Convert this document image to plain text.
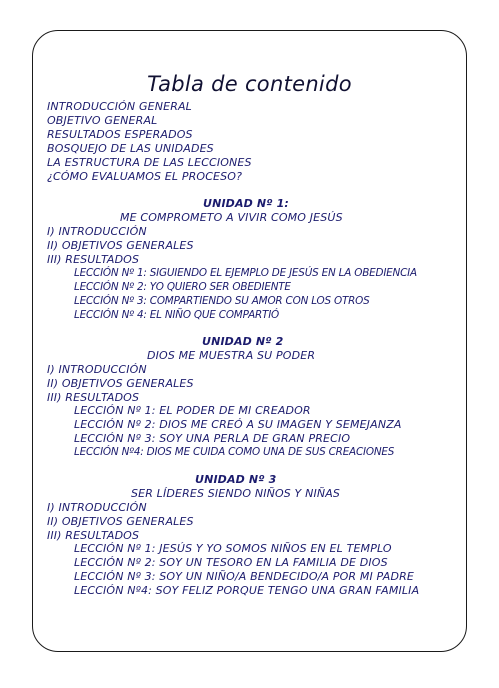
Tabla de contenido
INTRODUCCIÓN GENERAL
OBJETIVO GENERAL
RESULTADOS ESPERADOS
BOSQUEJO DE LAS UNIDADES
LA ESTRUCTURA DE LAS LECCIONES
¿CÓMO EVALUAMOS EL PROCESO?
UNIDAD Nº 1:
ME COMPROMETO A VIVIR COMO JESÚS
I) INTRODUCCIÓN
II) OBJETIVOS GENERALES
III) RESULTADOS
LECCIÓN Nº 1: SIGUIENDO EL EJEMPLO DE JESÚS EN LA OBEDIENCIA
LECCIÓN Nº 2: YO QUIERO SER OBEDIENTE
LECCIÓN Nº 3: COMPARTIENDO SU AMOR CON LOS OTROS
LECCIÓN Nº 4: EL NIÑO QUE COMPARTIÓ
UNIDAD Nº 2
DIOS ME MUESTRA SU PODER
I) INTRODUCCIÓN
II) OBJETIVOS GENERALES
III) RESULTADOS
LECCIÓN Nº 1: EL PODER DE MI CREADOR
LECCIÓN Nº 2: DIOS ME CREÓ A SU IMAGEN Y SEMEJANZA
LECCIÓN Nº 3: SOY UNA PERLA DE GRAN PRECIO
LECCIÓN Nº4: DIOS ME CUIDA COMO UNA DE SUS CREACIONES
UNIDAD Nº 3
SER LÍDERES SIENDO NIÑOS Y NIÑAS
I) INTRODUCCIÓN
II) OBJETIVOS GENERALES
III) RESULTADOS
LECCIÓN Nº 1: JESÚS Y YO SOMOS NIÑOS EN EL TEMPLO
LECCIÓN Nº 2: SOY UN TESORO EN LA FAMILIA DE DIOS
LECCIÓN Nº 3: SOY UN NIÑO/A BENDECIDO/A POR MI PADRE
LECCIÓN Nº4: SOY FELIZ PORQUE TENGO UNA GRAN FAMILIA
